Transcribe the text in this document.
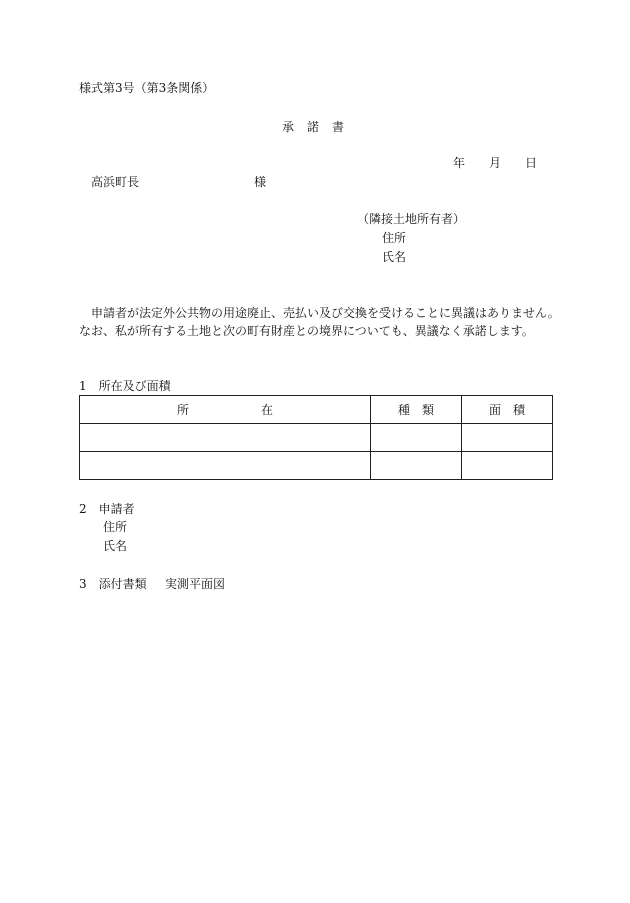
様式第3号（第3条関係）
承　諾　書
年　　月　　日
高浜町長	様
（隣接土地所有者）
住所
氏名
申請者が法定外公共物の用途廃止、売払い及び交換を受けることに異議はありません。
なお、私が所有する土地と次の町有財産との境界についても、異議なく承諾します。
1　所在及び面積
所　　　　　　在	種　類	面　積

2　申請者
住所
氏名
3　添付書類 実測平面図
